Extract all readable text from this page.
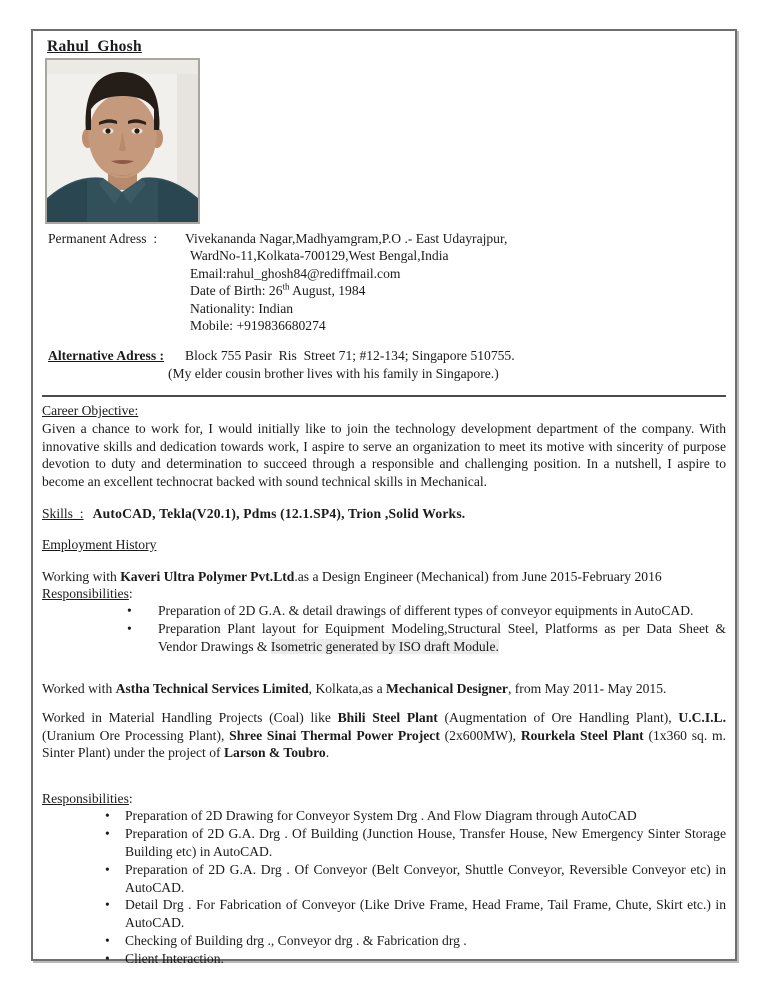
Rahul  Ghosh
Permanent Adress  :	Vivekananda Nagar,Madhyamgram,P.O .- East Udayrajpur,
WardNo-11,Kolkata-700129,West Bengal,India
Email:rahul_ghosh84@rediffmail.com
Date of Birth: 26th August, 1984
Nationality: Indian
Mobile: +919836680274
Alternative Adress :	Block 755 Pasir  Ris  Street 71; #12-134; Singapore 510755.
(My elder cousin brother lives with his family in Singapore.)
Career Objective:
Given a chance to work for, I would initially like to join the technology development department of the company. With innovative skills and dedication towards work, I aspire to serve an organization to meet its motive with sincerity of purpose devotion to duty and determination to succeed through a responsible and challenging position. In a nutshell, I aspire to become an excellent technocrat backed with sound technical skills in Mechanical.
Skills  : AutoCAD, Tekla(V20.1), Pdms (12.1.SP4), Trion ,Solid Works.
Employment History
Working with Kaveri Ultra Polymer Pvt.Ltd.as a Design Engineer (Mechanical) from June 2015-February 2016
Responsibilities:
• Preparation of 2D G.A. & detail drawings of different types of conveyor equipments in AutoCAD.
• Preparation Plant layout for Equipment Modeling,Structural Steel, Platforms as per Data Sheet & Vendor Drawings & Isometric generated by ISO draft Module.
Worked with Astha Technical Services Limited, Kolkata,as a Mechanical Designer, from May 2011- May 2015.
Worked in Material Handling Projects (Coal) like Bhili Steel Plant (Augmentation of Ore Handling Plant), U.C.I.L. (Uranium Ore Processing Plant), Shree Sinai Thermal Power Project (2x600MW), Rourkela Steel Plant (1x360 sq. m. Sinter Plant) under the project of Larson & Toubro.
Responsibilities:
• Preparation of 2D Drawing for Conveyor System Drg . And Flow Diagram through AutoCAD
• Preparation of 2D G.A. Drg . Of Building (Junction House, Transfer House, New Emergency Sinter Storage Building etc) in AutoCAD.
• Preparation of 2D G.A. Drg . Of Conveyor (Belt Conveyor, Shuttle Conveyor, Reversible Conveyor etc) in AutoCAD.
• Detail Drg . For Fabrication of Conveyor (Like Drive Frame, Head Frame, Tail Frame, Chute, Skirt etc.) in AutoCAD.
• Checking of Building drg ., Conveyor drg . & Fabrication drg .
• Client Interaction.
